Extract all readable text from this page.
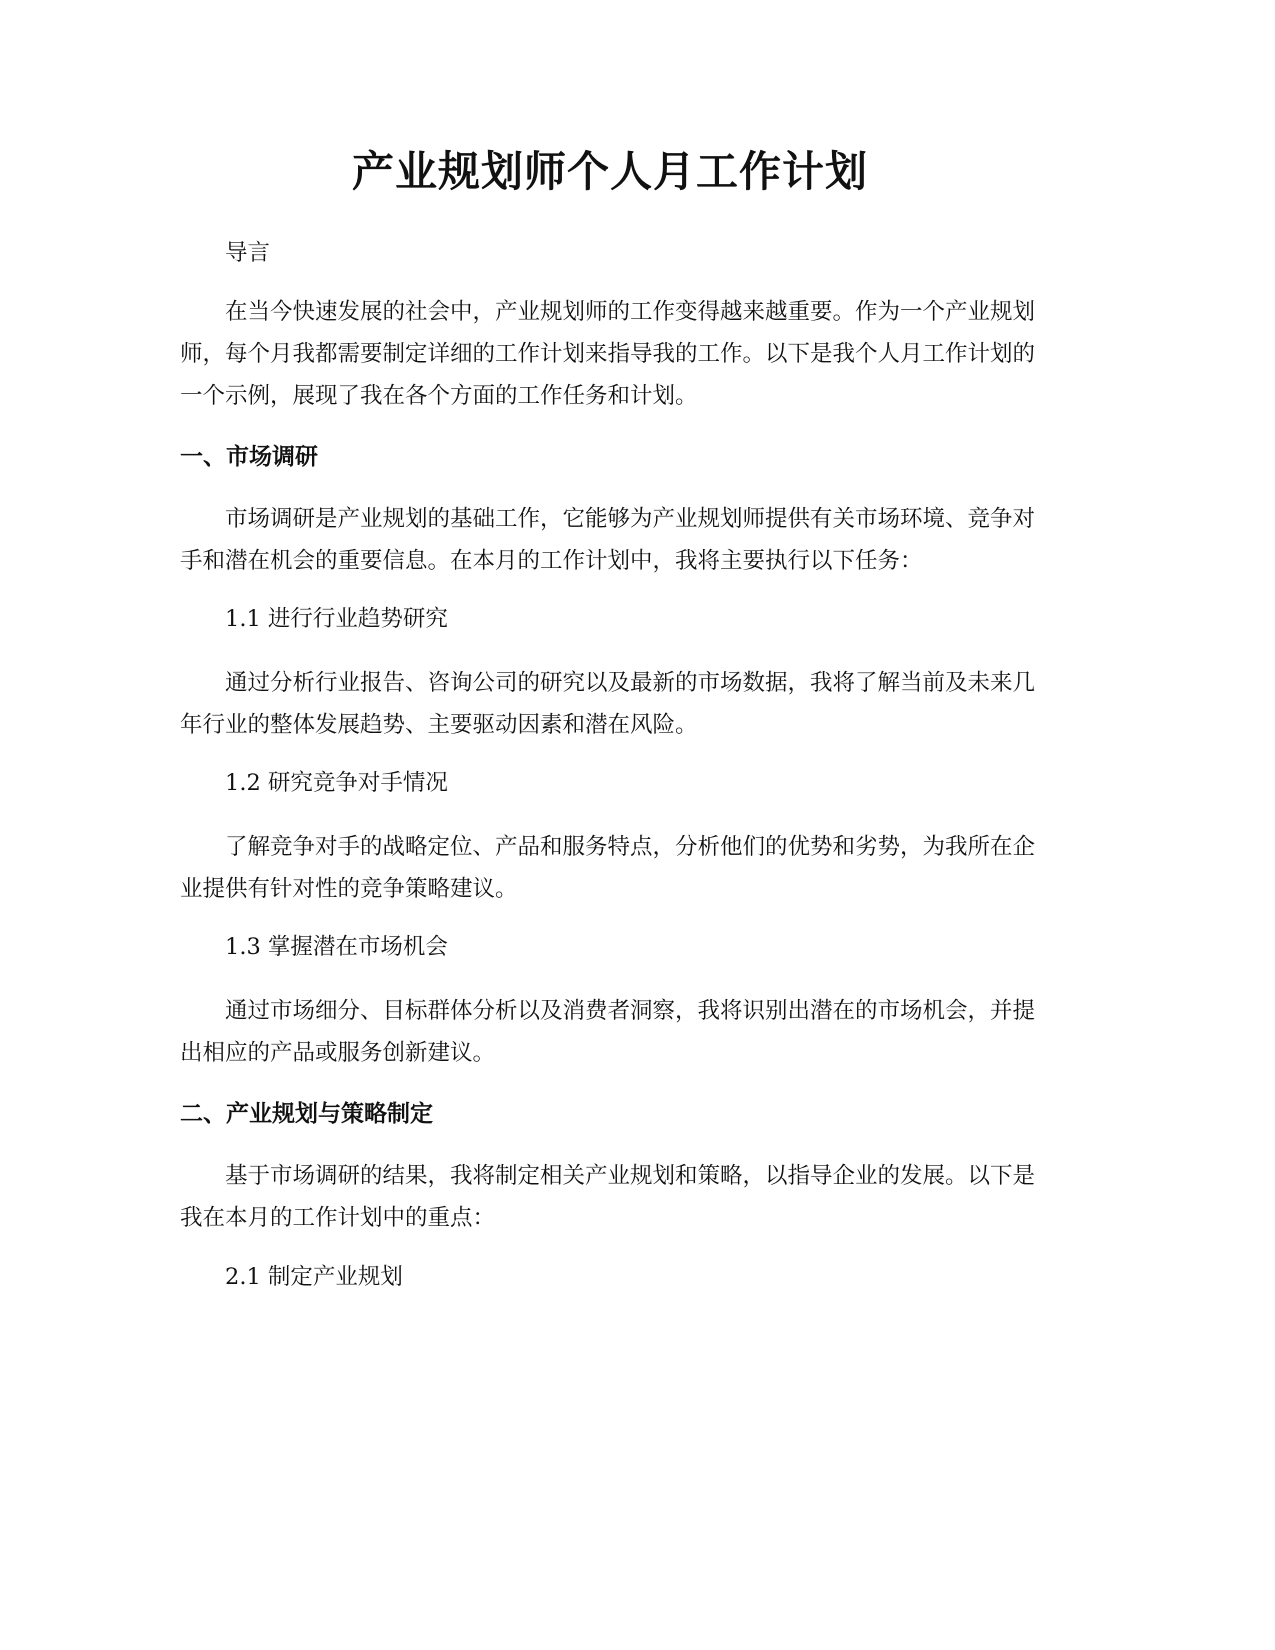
产业规划师个人月工作计划

导言

在当今快速发展的社会中，产业规划师的工作变得越来越重要。作为一个产业规划师，每个月我都需要制定详细的工作计划来指导我的工作。以下是我个人月工作计划的一个示例，展现了我在各个方面的工作任务和计划。

一、市场调研

市场调研是产业规划的基础工作，它能够为产业规划师提供有关市场环境、竞争对手和潜在机会的重要信息。在本月的工作计划中，我将主要执行以下任务：

1.1 进行行业趋势研究

通过分析行业报告、咨询公司的研究以及最新的市场数据，我将了解当前及未来几年行业的整体发展趋势、主要驱动因素和潜在风险。

1.2 研究竞争对手情况

了解竞争对手的战略定位、产品和服务特点，分析他们的优势和劣势，为我所在企业提供有针对性的竞争策略建议。

1.3 掌握潜在市场机会

通过市场细分、目标群体分析以及消费者洞察，我将识别出潜在的市场机会，并提出相应的产品或服务创新建议。

二、产业规划与策略制定

基于市场调研的结果，我将制定相关产业规划和策略，以指导企业的发展。以下是我在本月的工作计划中的重点：

2.1 制定产业规划
